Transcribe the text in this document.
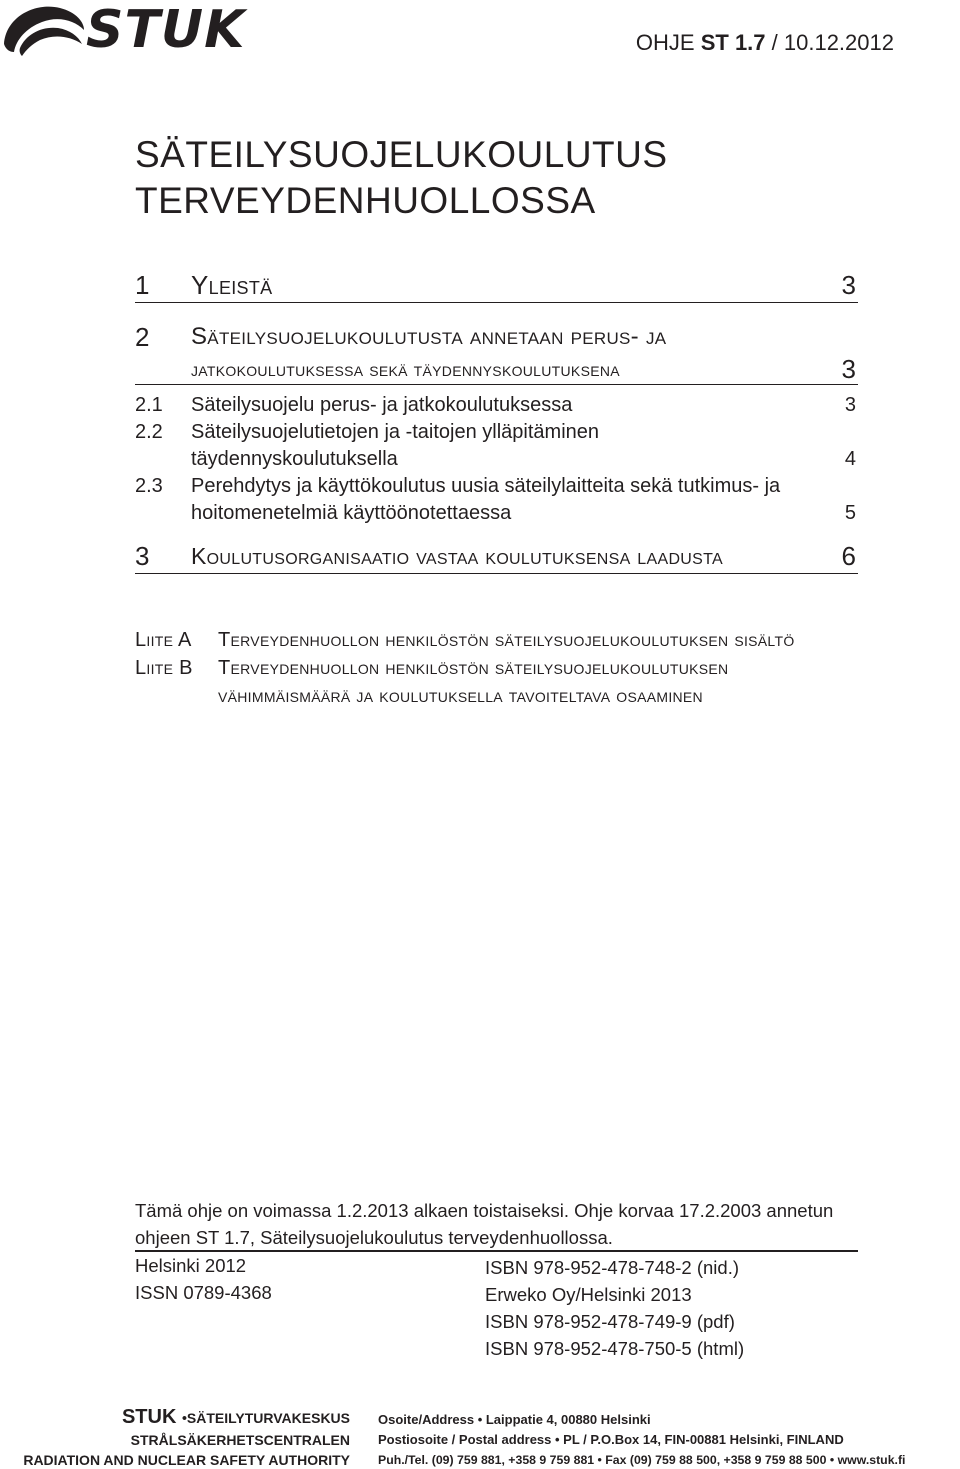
STUK	OHJE ST 1.7 / 10.12.2012
SÄTEILYSUOJELUKOULUTUS
TERVEYDENHUOLLOSSA
1 Yleistä	3
2 Säteilysuojelukoulutusta annetaan perus- ja
jatkokoulutuksessa sekä täydennyskoulutuksena	3
2.1 Säteilysuojelu perus- ja jatkokoulutuksessa	3
2.2 Säteilysuojelutietojen ja -taitojen ylläpitäminen
täydennyskoulutuksella	4
2.3 Perehdytys ja käyttökoulutus uusia säteilylaitteita sekä tutkimus- ja
hoitomenetelmiä käyttöönotettaessa	5
3 Koulutusorganisaatio vastaa koulutuksensa laadusta	6
Liite A Terveydenhuollon henkilöstön säteilysuojelukoulutuksen sisältö
Liite B Terveydenhuollon henkilöstön säteilysuojelukoulutuksen
vähimmäismäärä ja koulutuksella tavoiteltava osaaminen
Tämä ohje on voimassa 1.2.2013 alkaen toistaiseksi. Ohje korvaa 17.2.2003 annetun
ohjeen ST 1.7, Säteilysuojelukoulutus terveydenhuollossa.
Helsinki 2012
ISSN 0789-4368
ISBN 978-952-478-748-2 (nid.)
Erweko Oy/Helsinki 2013
ISBN 978-952-478-749-9 (pdf)
ISBN 978-952-478-750-5 (html)
STUK •SÄTEILYTURVAKESKUS
STRÅLSÄKERHETSCENTRALEN
RADIATION AND NUCLEAR SAFETY AUTHORITY
Osoite/Address • Laippatie 4, 00880 Helsinki
Postiosoite / Postal address • PL / P.O.Box 14, FIN-00881 Helsinki, FINLAND
Puh./Tel. (09) 759 881, +358 9 759 881 • Fax (09) 759 88 500, +358 9 759 88 500 • www.stuk.fi
